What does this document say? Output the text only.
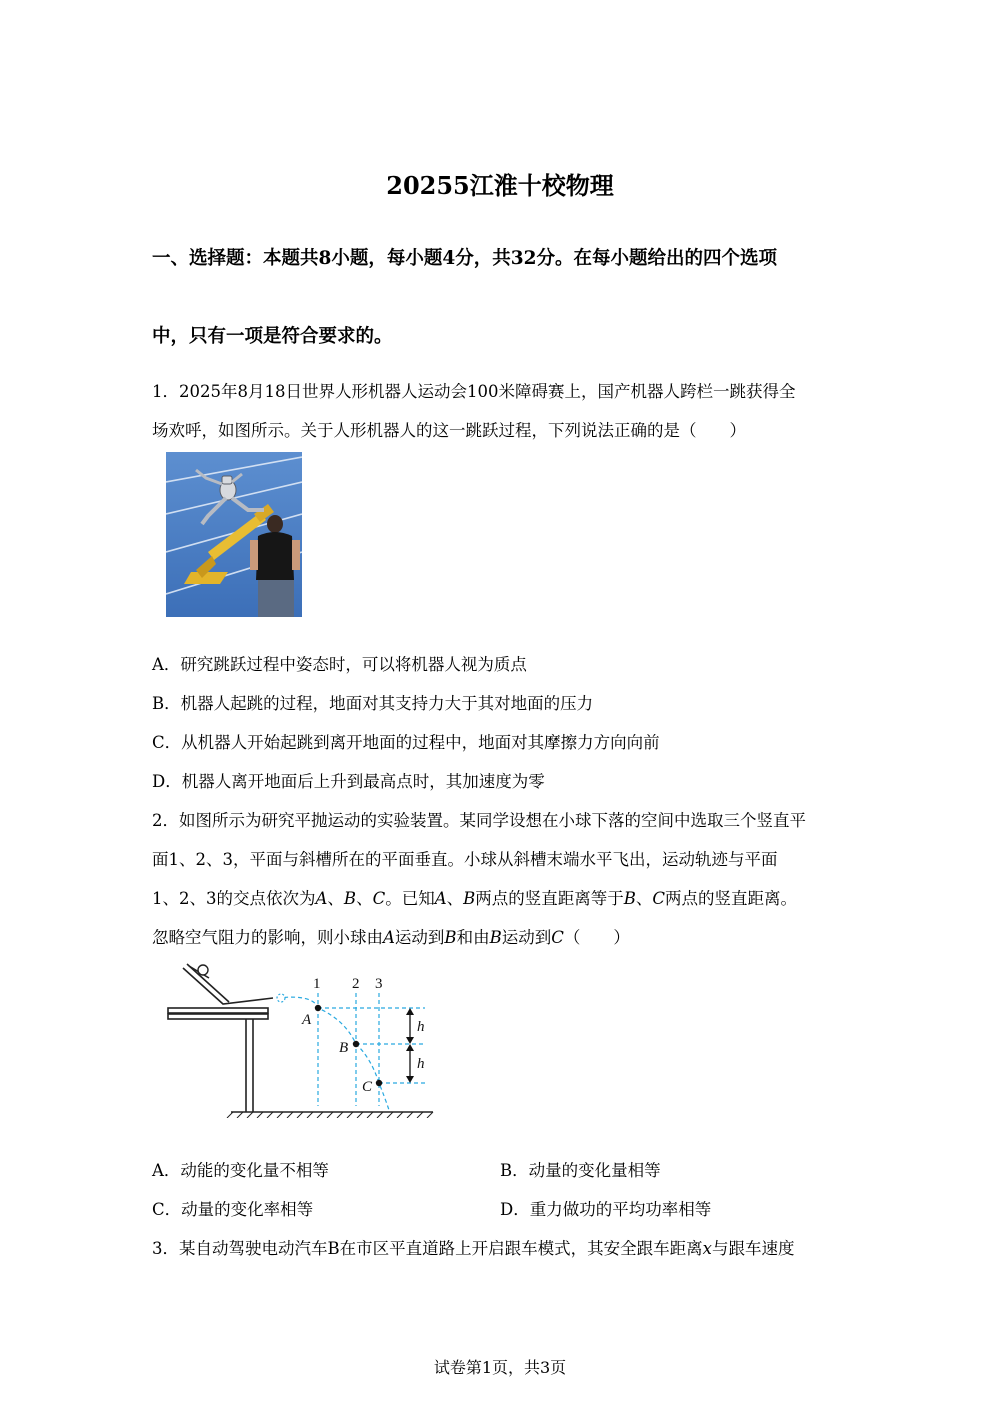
20255江淮十校物理
一、选择题：本题共8小题，每小题4分，共32分。在每小题给出的四个选项
中，只有一项是符合要求的。
1．2025年8月18日世界人形机器人运动会100米障碍赛上，国产机器人跨栏一跳获得全
场欢呼，如图所示。关于人形机器人的这一跳跃过程，下列说法正确的是（　　）
A．研究跳跃过程中姿态时，可以将机器人视为质点
B．机器人起跳的过程，地面对其支持力大于其对地面的压力
C．从机器人开始起跳到离开地面的过程中，地面对其摩擦力方向向前
D．机器人离开地面后上升到最高点时，其加速度为零
2．如图所示为研究平抛运动的实验装置。某同学设想在小球下落的空间中选取三个竖直平
面1、2、3，平面与斜槽所在的平面垂直。小球从斜槽末端水平飞出，运动轨迹与平面
1、2、3的交点依次为A、B、C。已知A、B两点的竖直距离等于B、C两点的竖直距离。
忽略空气阻力的影响，则小球由A运动到B和由B运动到C（　　）
1 2 3
A
B
C
h
h
A．动能的变化量不相等	B．动量的变化量相等
C．动量的变化率相等	D．重力做功的平均功率相等
3．某自动驾驶电动汽车B在市区平直道路上开启跟车模式，其安全跟车距离x与跟车速度
试卷第1页，共3页
